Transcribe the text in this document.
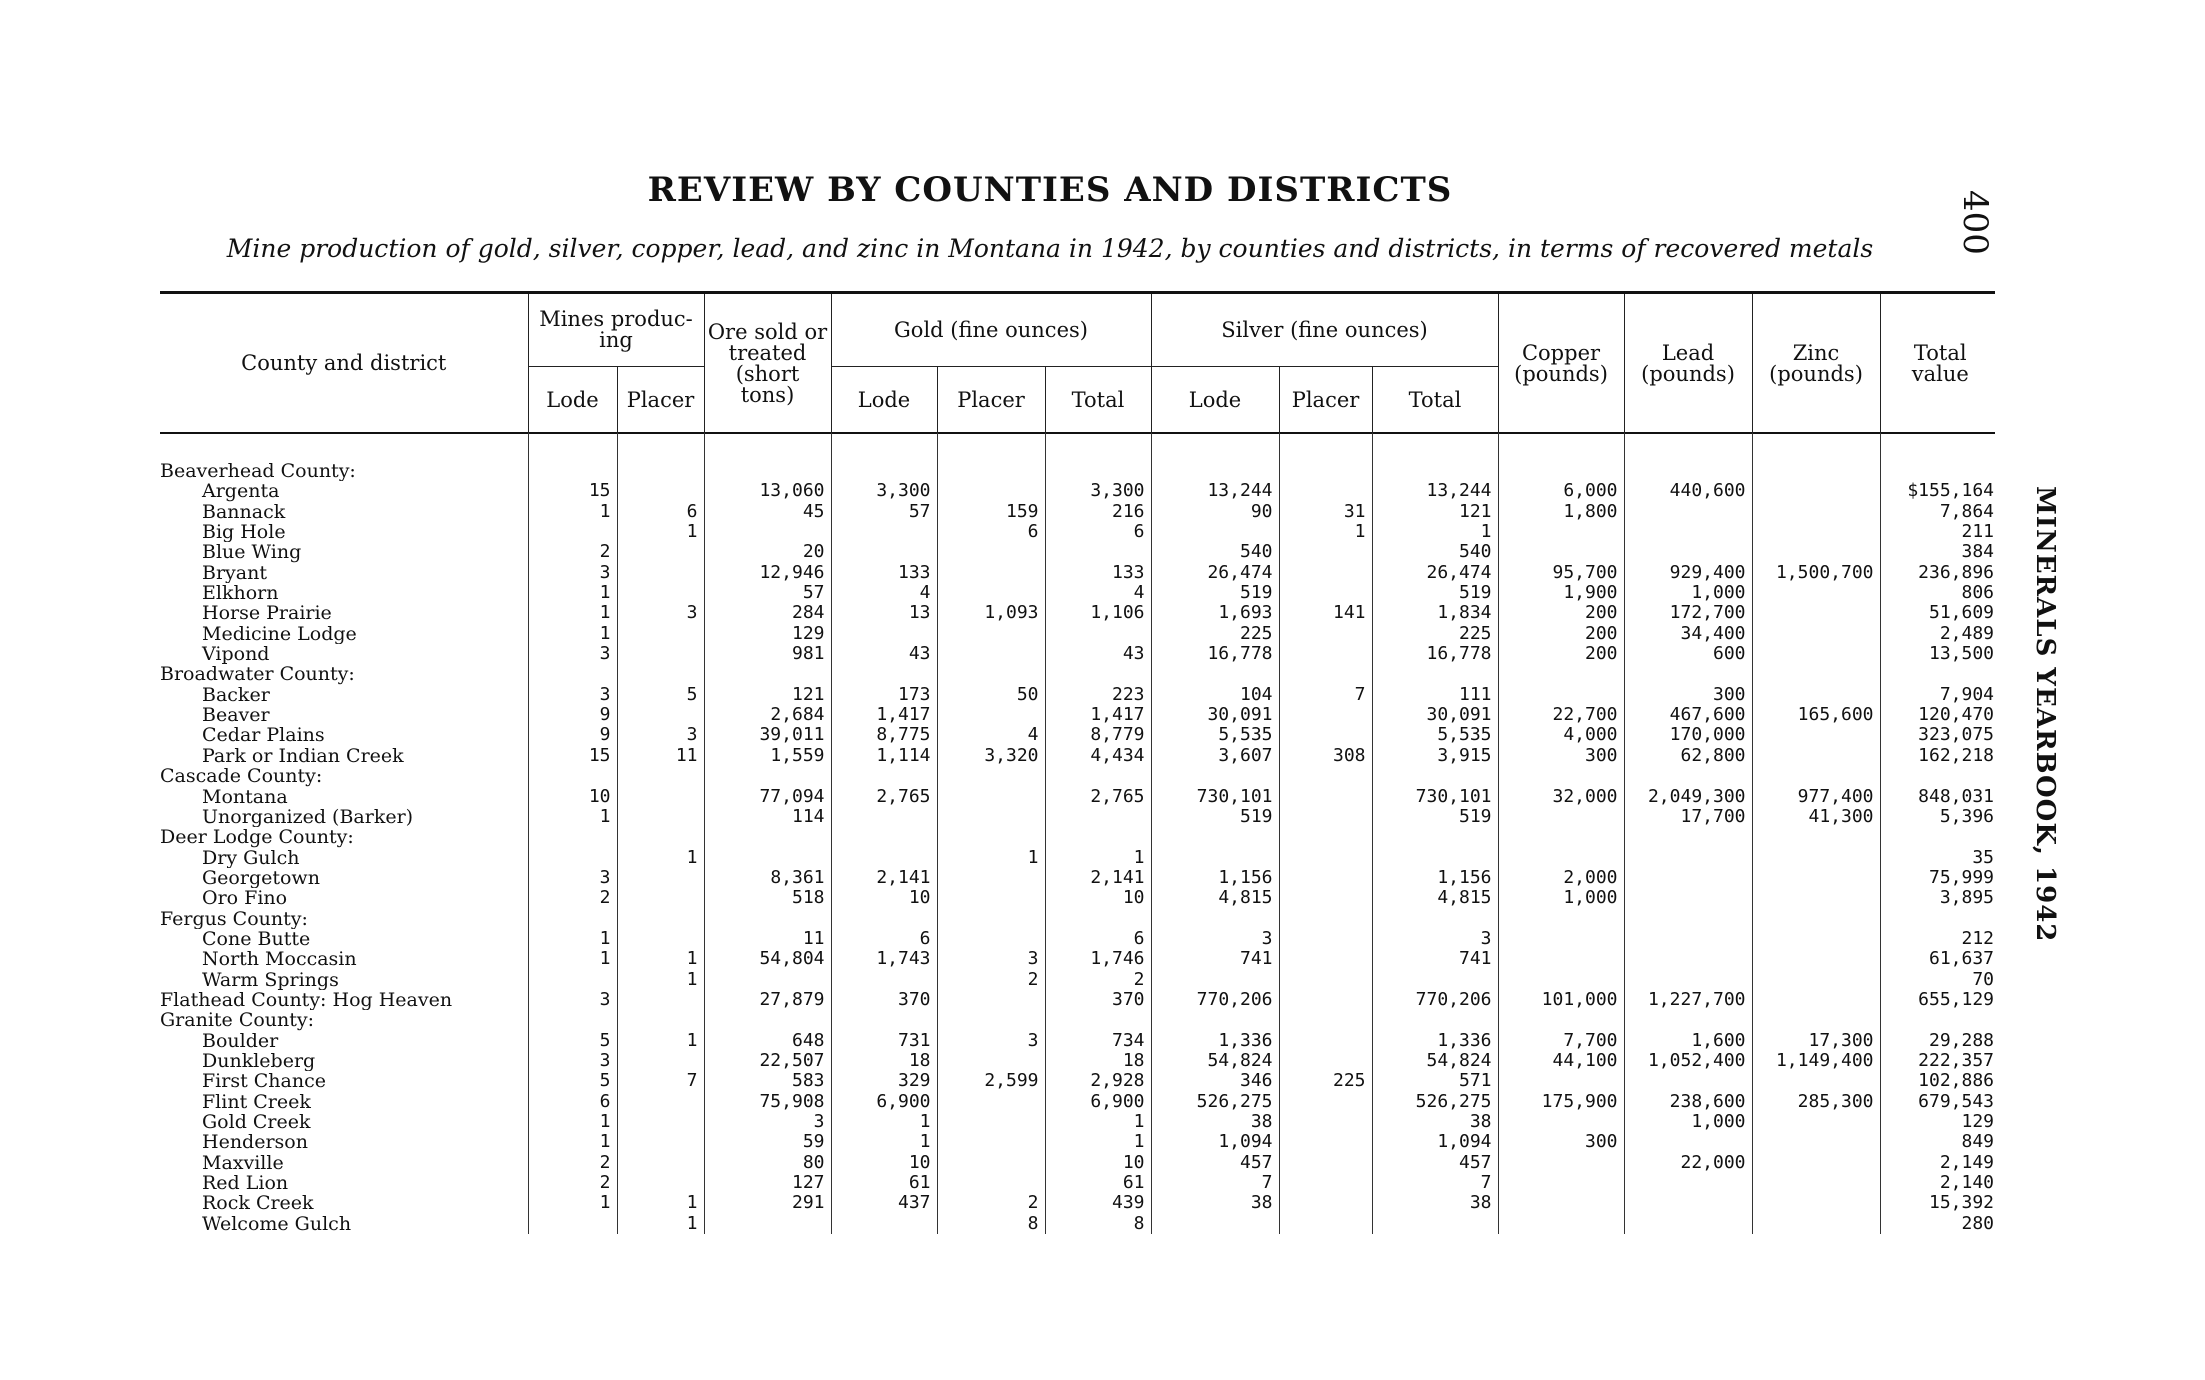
400
MINERALS YEARBOOK, 1942
REVIEW BY COUNTIES AND DISTRICTS
Mine production of gold, silver, copper, lead, and zinc in Montana in 1942, by counties and districts, in terms of recovered metals
County and district	Mines produc- ing		Ore sold or treated (short tons)	Gold (fine ounces)			Silver (fine ounces)			Copper (pounds)	Lead (pounds)	Zinc (pounds)	Total value
	Lode	Placer		Lode	Placer	Total	Lode	Placer	Total				

Beaverhead County:													
Argenta	15		13,060	3,300		3,300	13,244		13,244	6,000	440,600		$155,164
Bannack	1	6	45	57	159	216	90	31	121	1,800			7,864
Big Hole		1			6	6		1	1				211
Blue Wing	2		20				540		540				384
Bryant	3		12,946	133		133	26,474		26,474	95,700	929,400	1,500,700	236,896
Elkhorn	1		57	4		4	519		519	1,900	1,000		806
Horse Prairie	1	3	284	13	1,093	1,106	1,693	141	1,834	200	172,700		51,609
Medicine Lodge	1		129				225		225	200	34,400		2,489
Vipond	3		981	43		43	16,778		16,778	200	600		13,500
Broadwater County:													
Backer	3	5	121	173	50	223	104	7	111		300		7,904
Beaver	9		2,684	1,417		1,417	30,091		30,091	22,700	467,600	165,600	120,470
Cedar Plains	9	3	39,011	8,775	4	8,779	5,535		5,535	4,000	170,000		323,075
Park or Indian Creek	15	11	1,559	1,114	3,320	4,434	3,607	308	3,915	300	62,800		162,218
Cascade County:													
Montana	10		77,094	2,765		2,765	730,101		730,101	32,000	2,049,300	977,400	848,031
Unorganized (Barker)	1		114				519		519		17,700	41,300	5,396
Deer Lodge County:													
Dry Gulch		1			1	1							35
Georgetown	3		8,361	2,141		2,141	1,156		1,156	2,000			75,999
Oro Fino	2		518	10		10	4,815		4,815	1,000			3,895
Fergus County:													
Cone Butte	1		11	6		6	3		3				212
North Moccasin	1	1	54,804	1,743	3	1,746	741		741				61,637
Warm Springs		1			2	2							70
Flathead County: Hog Heaven	3		27,879	370		370	770,206		770,206	101,000	1,227,700		655,129
Granite County:													
Boulder	5	1	648	731	3	734	1,336		1,336	7,700	1,600	17,300	29,288
Dunkleberg	3		22,507	18		18	54,824		54,824	44,100	1,052,400	1,149,400	222,357
First Chance	5	7	583	329	2,599	2,928	346	225	571				102,886
Flint Creek	6		75,908	6,900		6,900	526,275		526,275	175,900	238,600	285,300	679,543
Gold Creek	1		3	1		1	38		38		1,000		129
Henderson	1		59	1		1	1,094		1,094	300			849
Maxville	2		80	10		10	457		457		22,000		2,149
Red Lion	2		127	61		61	7		7				2,140
Rock Creek	1	1	291	437	2	439	38		38				15,392
Welcome Gulch		1			8	8							280
